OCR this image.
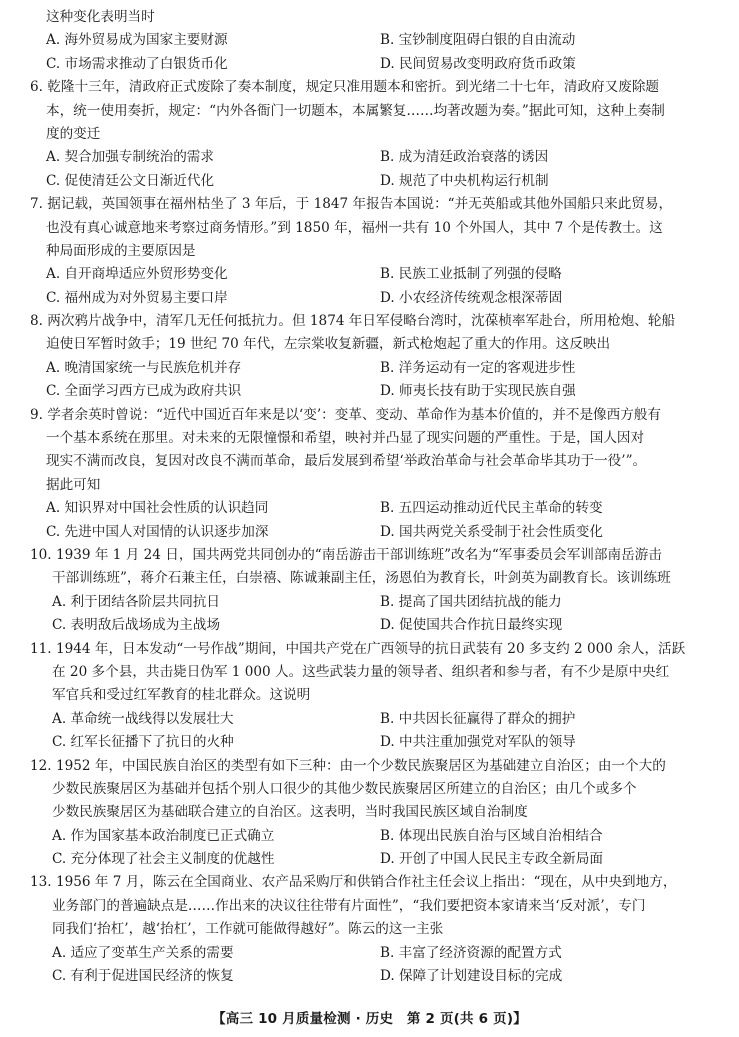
这种变化表明当时
A. 海外贸易成为国家主要财源	B. 宝钞制度阻碍白银的自由流动
C. 市场需求推动了白银货币化	D. 民间贸易改变明政府货币政策
6. 乾隆十三年，清政府正式废除了奏本制度，规定只准用题本和密折。到光绪二十七年，清政府又废除题
本，统一使用奏折，规定：“内外各衙门一切题本，本属繁复……均著改题为奏。”据此可知，这种上奏制
度的变迁
A. 契合加强专制统治的需求	B. 成为清廷政治衰落的诱因
C. 促使清廷公文日渐近代化	D. 规范了中央机构运行机制
7. 据记载，英国领事在福州枯坐了 3 年后，于 1847 年报告本国说：“并无英船或其他外国船只来此贸易，
也没有真心诚意地来考察过商务情形。”到 1850 年，福州一共有 10 个外国人，其中 7 个是传教士。这
种局面形成的主要原因是
A. 自开商埠适应外贸形势变化	B. 民族工业抵制了列强的侵略
C. 福州成为对外贸易主要口岸	D. 小农经济传统观念根深蒂固
8. 两次鸦片战争中，清军几无任何抵抗力。但 1874 年日军侵略台湾时，沈葆桢率军赴台，所用枪炮、轮船
迫使日军暂时敛手；19 世纪 70 年代，左宗棠收复新疆，新式枪炮起了重大的作用。这反映出
A. 晚清国家统一与民族危机并存	B. 洋务运动有一定的客观进步性
C. 全面学习西方已成为政府共识	D. 师夷长技有助于实现民族自强
9. 学者余英时曾说：“近代中国近百年来是以‘变’：变革、变动、革命作为基本价值的，并不是像西方般有
一个基本系统在那里。对未来的无限憧憬和希望，映衬并凸显了现实问题的严重性。于是，国人因对
现实不满而改良，复因对改良不满而革命，最后发展到希望‘举政治革命与社会革命毕其功于一役’”。
据此可知
A. 知识界对中国社会性质的认识趋同	B. 五四运动推动近代民主革命的转变
C. 先进中国人对国情的认识逐步加深	D. 国共两党关系受制于社会性质变化
10. 1939 年 1 月 24 日，国共两党共同创办的“南岳游击干部训练班”改名为“军事委员会军训部南岳游击
干部训练班”，蒋介石兼主任，白崇禧、陈诚兼副主任，汤恩伯为教育长，叶剑英为副教育长。该训练班
A. 利于团结各阶层共同抗日	B. 提高了国共团结抗战的能力
C. 表明敌后战场成为主战场	D. 促使国共合作抗日最终实现
11. 1944 年，日本发动“一号作战”期间，中国共产党在广西领导的抗日武装有 20 多支约 2 000 余人，活跃
在 20 多个县，共击毙日伪军 1 000 人。这些武装力量的领导者、组织者和参与者，有不少是原中央红
军官兵和受过红军教育的桂北群众。这说明
A. 革命统一战线得以发展壮大	B. 中共因长征赢得了群众的拥护
C. 红军长征播下了抗日的火种	D. 中共注重加强党对军队的领导
12. 1952 年，中国民族自治区的类型有如下三种：由一个少数民族聚居区为基础建立自治区；由一个大的
少数民族聚居区为基础并包括个别人口很少的其他少数民族聚居区所建立的自治区；由几个或多个
少数民族聚居区为基础联合建立的自治区。这表明，当时我国民族区域自治制度
A. 作为国家基本政治制度已正式确立	B. 体现出民族自治与区域自治相结合
C. 充分体现了社会主义制度的优越性	D. 开创了中国人民民主专政全新局面
13. 1956 年 7 月，陈云在全国商业、农产品采购厅和供销合作社主任会议上指出：“现在，从中央到地方，
业务部门的普遍缺点是……作出来的决议往往带有片面性”，“我们要把资本家请来当‘反对派’，专门
同我们‘抬杠’，越‘抬杠’，工作就可能做得越好”。陈云的这一主张
A. 适应了变革生产关系的需要	B. 丰富了经济资源的配置方式
C. 有利于促进国民经济的恢复	D. 保障了计划建设目标的完成
【高三 10 月质量检测 · 历史　第 2 页(共 6 页)】
